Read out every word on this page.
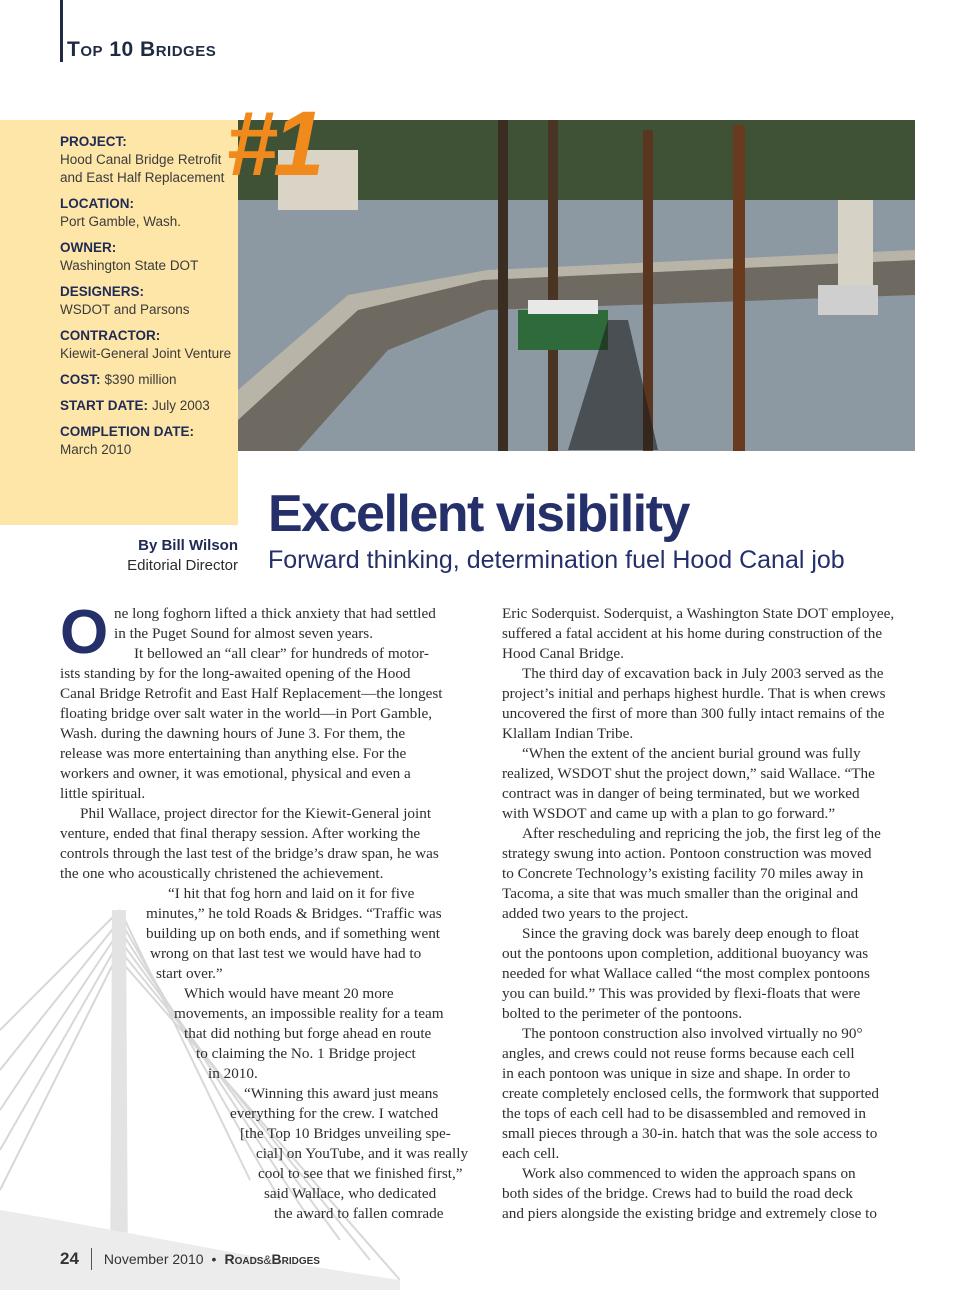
Top 10 Bridges
PROJECT:
Hood Canal Bridge Retrofit and East Half Replacement
LOCATION:
Port Gamble, Wash.
OWNER:
Washington State DOT
DESIGNERS:
WSDOT and Parsons
CONTRACTOR:
Kiewit-General Joint Venture
COST: $390 million
START DATE: July 2003
COMPLETION DATE:
March 2010
#1
By Bill Wilson
Editorial Director
Excellent visibility
Forward thinking, determination fuel Hood Canal job
O ne long foghorn lifted a thick anxiety that had settled
in the Puget Sound for almost seven years.
It bellowed an “all clear” for hundreds of motor-
ists standing by for the long-awaited opening of the Hood
Canal Bridge Retrofit and East Half Replacement—the longest
floating bridge over salt water in the world—in Port Gamble,
Wash. during the dawning hours of June 3. For them, the
release was more entertaining than anything else. For the
workers and owner, it was emotional, physical and even a
little spiritual.
Phil Wallace, project director for the Kiewit-General joint
venture, ended that final therapy session. After working the
controls through the last test of the bridge’s draw span, he was
the one who acoustically christened the achievement.
“I hit that fog horn and laid on it for five
minutes,” he told Roads & Bridges. “Traffic was
building up on both ends, and if something went
wrong on that last test we would have had to
start over.”
Which would have meant 20 more
movements, an impossible reality for a team
that did nothing but forge ahead en route
to claiming the No. 1 Bridge project
in 2010.
“Winning this award just means
everything for the crew. I watched
[the Top 10 Bridges unveiling spe-
cial] on YouTube, and it was really
cool to see that we finished first,”
said Wallace, who dedicated
the award to fallen comrade
Eric Soderquist. Soderquist, a Washington State DOT employee,
suffered a fatal accident at his home during construction of the
Hood Canal Bridge.
The third day of excavation back in July 2003 served as the
project’s initial and perhaps highest hurdle. That is when crews
uncovered the first of more than 300 fully intact remains of the
Klallam Indian Tribe.
“When the extent of the ancient burial ground was fully
realized, WSDOT shut the project down,” said Wallace. “The
contract was in danger of being terminated, but we worked
with WSDOT and came up with a plan to go forward.”
After rescheduling and repricing the job, the first leg of the
strategy swung into action. Pontoon construction was moved
to Concrete Technology’s existing facility 70 miles away in
Tacoma, a site that was much smaller than the original and
added two years to the project.
Since the graving dock was barely deep enough to float
out the pontoons upon completion, additional buoyancy was
needed for what Wallace called “the most complex pontoons
you can build.” This was provided by flexi-floats that were
bolted to the perimeter of the pontoons.
The pontoon construction also involved virtually no 90°
angles, and crews could not reuse forms because each cell
in each pontoon was unique in size and shape. In order to
create completely enclosed cells, the formwork that supported
the tops of each cell had to be disassembled and removed in
small pieces through a 30-in. hatch that was the sole access to
each cell.
Work also commenced to widen the approach spans on
both sides of the bridge. Crews had to build the road deck
and piers alongside the existing bridge and extremely close to
24 November 2010 • Roads&Bridges
